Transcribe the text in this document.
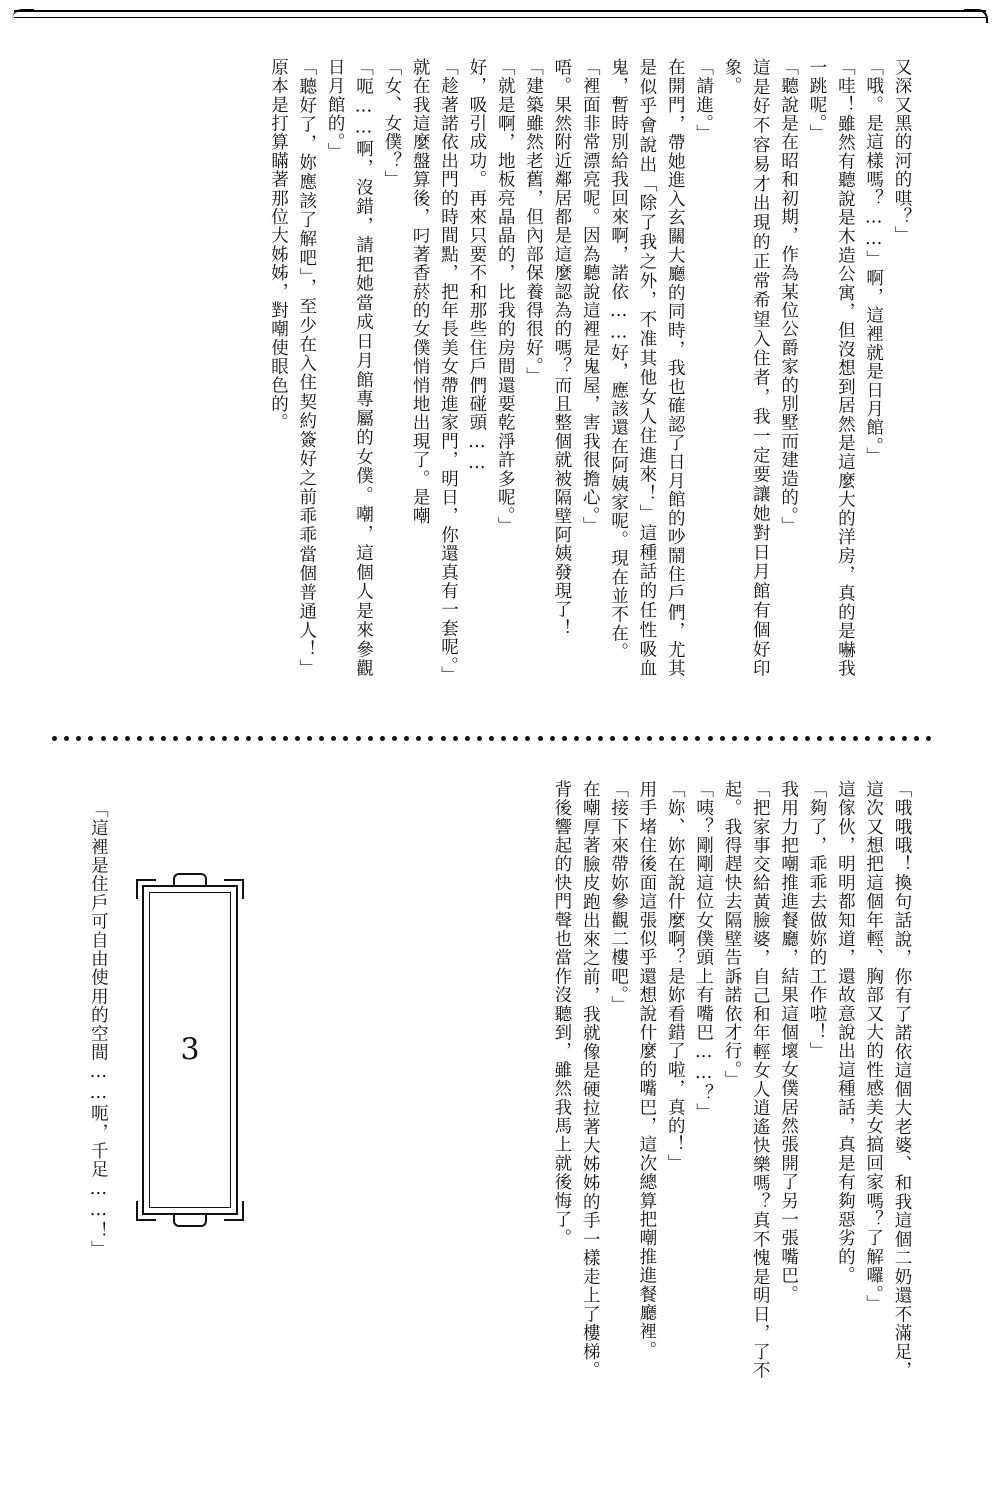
又深又黑的河的唭？」

「哦。是這樣嗎？……」啊，這裡就是日月館。」

「哇！雖然有聽說是木造公寓，但沒想到居然是這麼大的洋房，真的是嚇我一跳呢。」

「聽說是在昭和初期，作為某位公爵家的別墅而建造的。」

這是好不容易才出現的正常希望入住者，我一定要讓她對日月館有個好印象。

「請進。」

在開門，帶她進入玄關大廳的同時，我也確認了日月館的吵鬧住戶們，尤其是似乎會說出「除了我之外，不准其他女人住進來！」這種話的任性吸血鬼，暫時別給我回來啊，諾依……好，應該還在阿姨家呢。現在並不在。

「裡面非常漂亮呢。因為聽說這裡是鬼屋，害我很擔心。」

唔。果然附近鄰居都是這麼認為的嗎？而且整個就被隔壁阿姨發現了！

「建築雖然老舊，但內部保養得很好。」

「就是啊，地板亮晶晶的，比我的房間還要乾淨許多呢。」

好，吸引成功。再來只要不和那些住戶們碰頭……

「趁著諾依出門的時間點，把年長美女帶進家門，明日，你還真有一套呢。」

就在我這麼盤算後，叼著香菸的女僕悄悄地出現了。是嘲

「女、女僕？」

「呃……啊，沒錯，請把她當成日月館專屬的女僕。嘲，這個人是來參觀日月館的。」

「聽好了，妳應該了解吧」，至少在入住契約簽好之前乖乖當個普通人！」原本是打算瞞著那位大姊姊，對嘲使眼色的。

「哦哦哦！換句話說，你有了諾依這個大老婆、和我這個二奶還不滿足，這次又想把這個年輕、胸部又大的性感美女搞回家嗎？了解囉。」

這傢伙，明明都知道，還故意說出這種話，真是有夠惡劣的。

「夠了，乖乖去做妳的工作啦！」

我用力把嘲推進餐廳，結果這個壞女僕居然張開了另一張嘴巴。

「把家事交給黃臉婆，自己和年輕女人逍遙快樂嗎？真不愧是明日，了不起。我得趕快去隔壁告訴諾依才行。」

「咦？剛剛這位女僕頭上有嘴巴……？」

「妳、妳在說什麼啊？是妳看錯了啦，真的！」

用手堵住後面這張似乎還想說什麼的嘴巴，這次總算把嘲推進餐廳裡。

「接下來帶妳參觀二樓吧。」

在嘲厚著臉皮跑出來之前，我就像是硬拉著大姊姊的手一樣走上了樓梯。背後響起的快門聲也當作沒聽到，雖然我馬上就後悔了。

「這裡是住戶可自由使用的空間……呃，千足……！」	3
